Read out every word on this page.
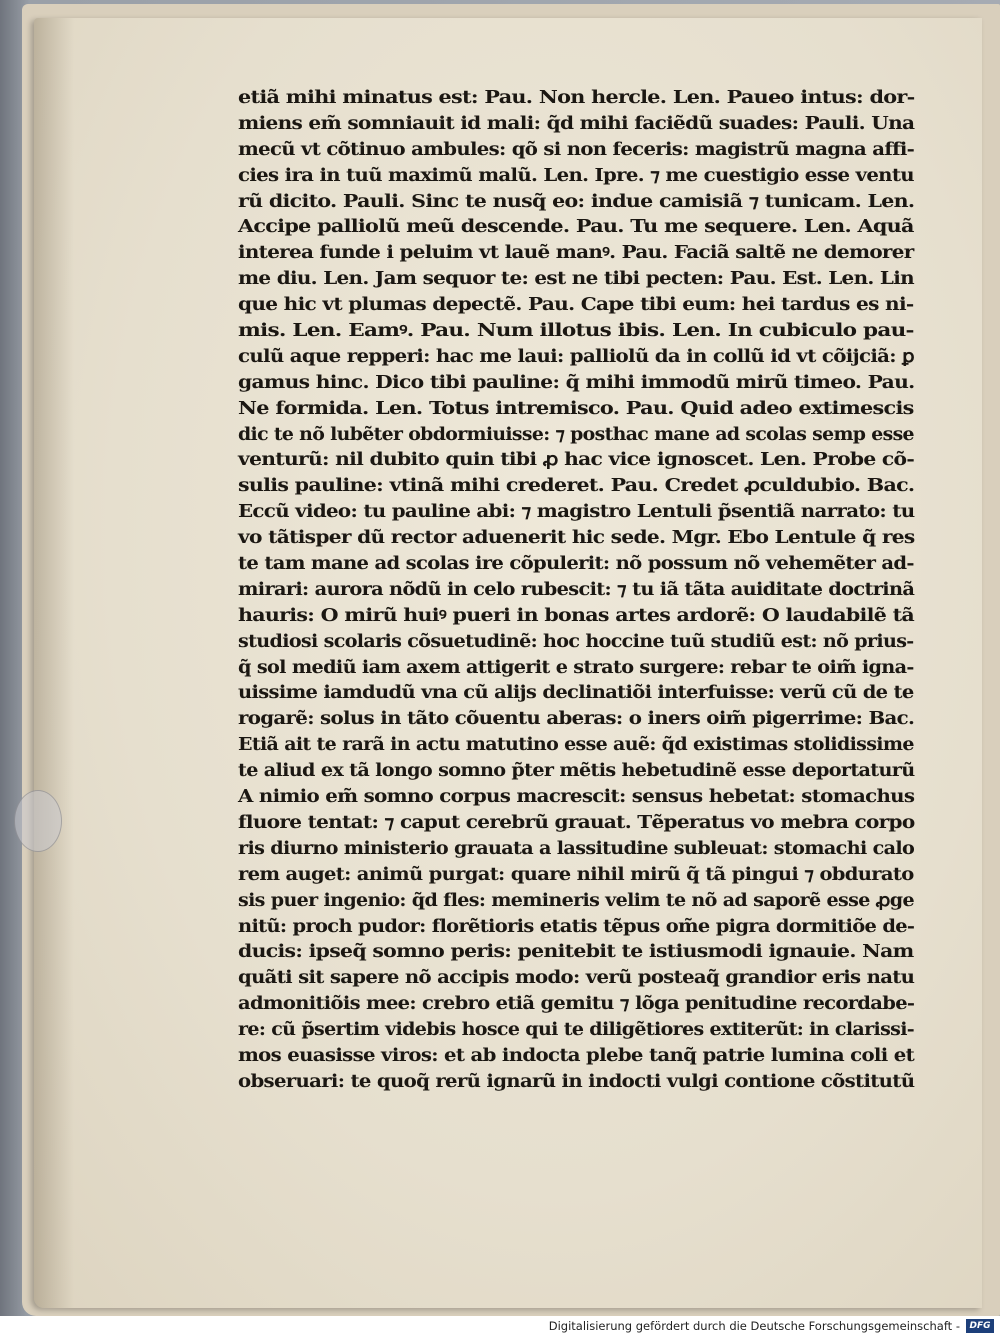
etiã mihi minatus est: Pau. Non hercle. Len. Paueo intus: dor-
miens em̃ somniauit id mali: q̃d mihi faciẽdũ suades: Pauli. Una
mecũ vt cõtinuo ambules: qõ si non feceris: magistrũ magna affi-
cies ira in tuũ maximũ malũ. Len. Ipre. ⁊ me cuestigio esse ventu
rũ dicito. Pauli. Sinc te nusq̃ eo: indue camisiã ⁊ tunicam. Len.
Accipe palliolũ meũ descende. Pau. Tu me sequere. Len. Aquã
interea funde i peluim vt lauẽ manꝰ. Pau. Faciã saltẽ ne demorer
me diu. Len. Jam sequor te: est ne tibi pecten: Pau. Est. Len. Lin
que hic vt plumas depectẽ. Pau. Cape tibi eum: hei tardus es ni-
mis. Len. Eamꝰ. Pau. Num illotus ibis. Len. In cubiculo pau-
culũ aque repperi: hac me laui: palliolũ da in collũ id vt cõijciã: ꝑ
gamus hinc. Dico tibi pauline: q̃ mihi immodũ mirũ timeo. Pau.
Ne formida. Len. Totus intremisco. Pau. Quid adeo extimescis
dic te nõ lubẽter obdormiuisse: ⁊ posthac mane ad scolas semp esse
venturũ: nil dubito quin tibi ꝓ hac vice ignoscet. Len. Probe cõ-
sulis pauline: vtinã mihi crederet. Pau. Credet ꝓculdubio. Bac.
Eccũ video: tu pauline abi: ⁊ magistro Lentuli p̃sentiã narrato: tu
vo tãtisper dũ rector aduenerit hic sede. Mgr. Ebo Lentule q̃ res
te tam mane ad scolas ire cõpulerit: nõ possum nõ vehemẽter ad-
mirari: aurora nõdũ in celo rubescit: ⁊ tu iã tãta auiditate doctrinã
hauris: O mirũ huiꝰ pueri in bonas artes ardorẽ: O laudabilẽ tã
studiosi scolaris cõsuetudinẽ: hoc hoccine tuũ studiũ est: nõ prius-
q̃ sol mediũ iam axem attigerit e strato surgere: rebar te oim̃ igna-
uissime iamdudũ vna cũ alijs declinatiõi interfuisse: verũ cũ de te
rogarẽ: solus in tãto cõuentu aberas: o iners oim̃ pigerrime: Bac.
Etiã ait te rarã in actu matutino esse auẽ: q̃d existimas stolidissime
te aliud ex tã longo somno p̃ter mẽtis hebetudinẽ esse deportaturũ
A nimio em̃ somno corpus macrescit: sensus hebetat: stomachus
fluore tentat: ⁊ caput cerebrũ grauat. Tẽperatus vo mebra corpo
ris diurno ministerio grauata a lassitudine subleuat: stomachi calo
rem auget: animũ purgat: quare nihil mirũ q̃ tã pingui ⁊ obdurato
sis puer ingenio: q̃d fles: memineris velim te nõ ad saporẽ esse ꝓge
nitũ: proch pudor: florẽtioris etatis tẽpus om̃e pigra dormitiõe de-
ducis: ipseq̃ somno peris: penitebit te istiusmodi ignauie. Nam
quãti sit sapere nõ accipis modo: verũ posteaq̃ grandior eris natu
admonitiõis mee: crebro etiã gemitu ⁊ lõga penitudine recordabe-
re: cũ p̃sertim videbis hosce qui te diligẽtiores extiterũt: in clarissi-
mos euasisse viros: et ab indocta plebe tanq̃ patrie lumina coli et
obseruari: te quoq̃ rerũ ignarũ in indocti vulgi contione cõstitutũ
Digitalisierung gefördert durch die Deutsche Forschungsgemeinschaft -	DFG
